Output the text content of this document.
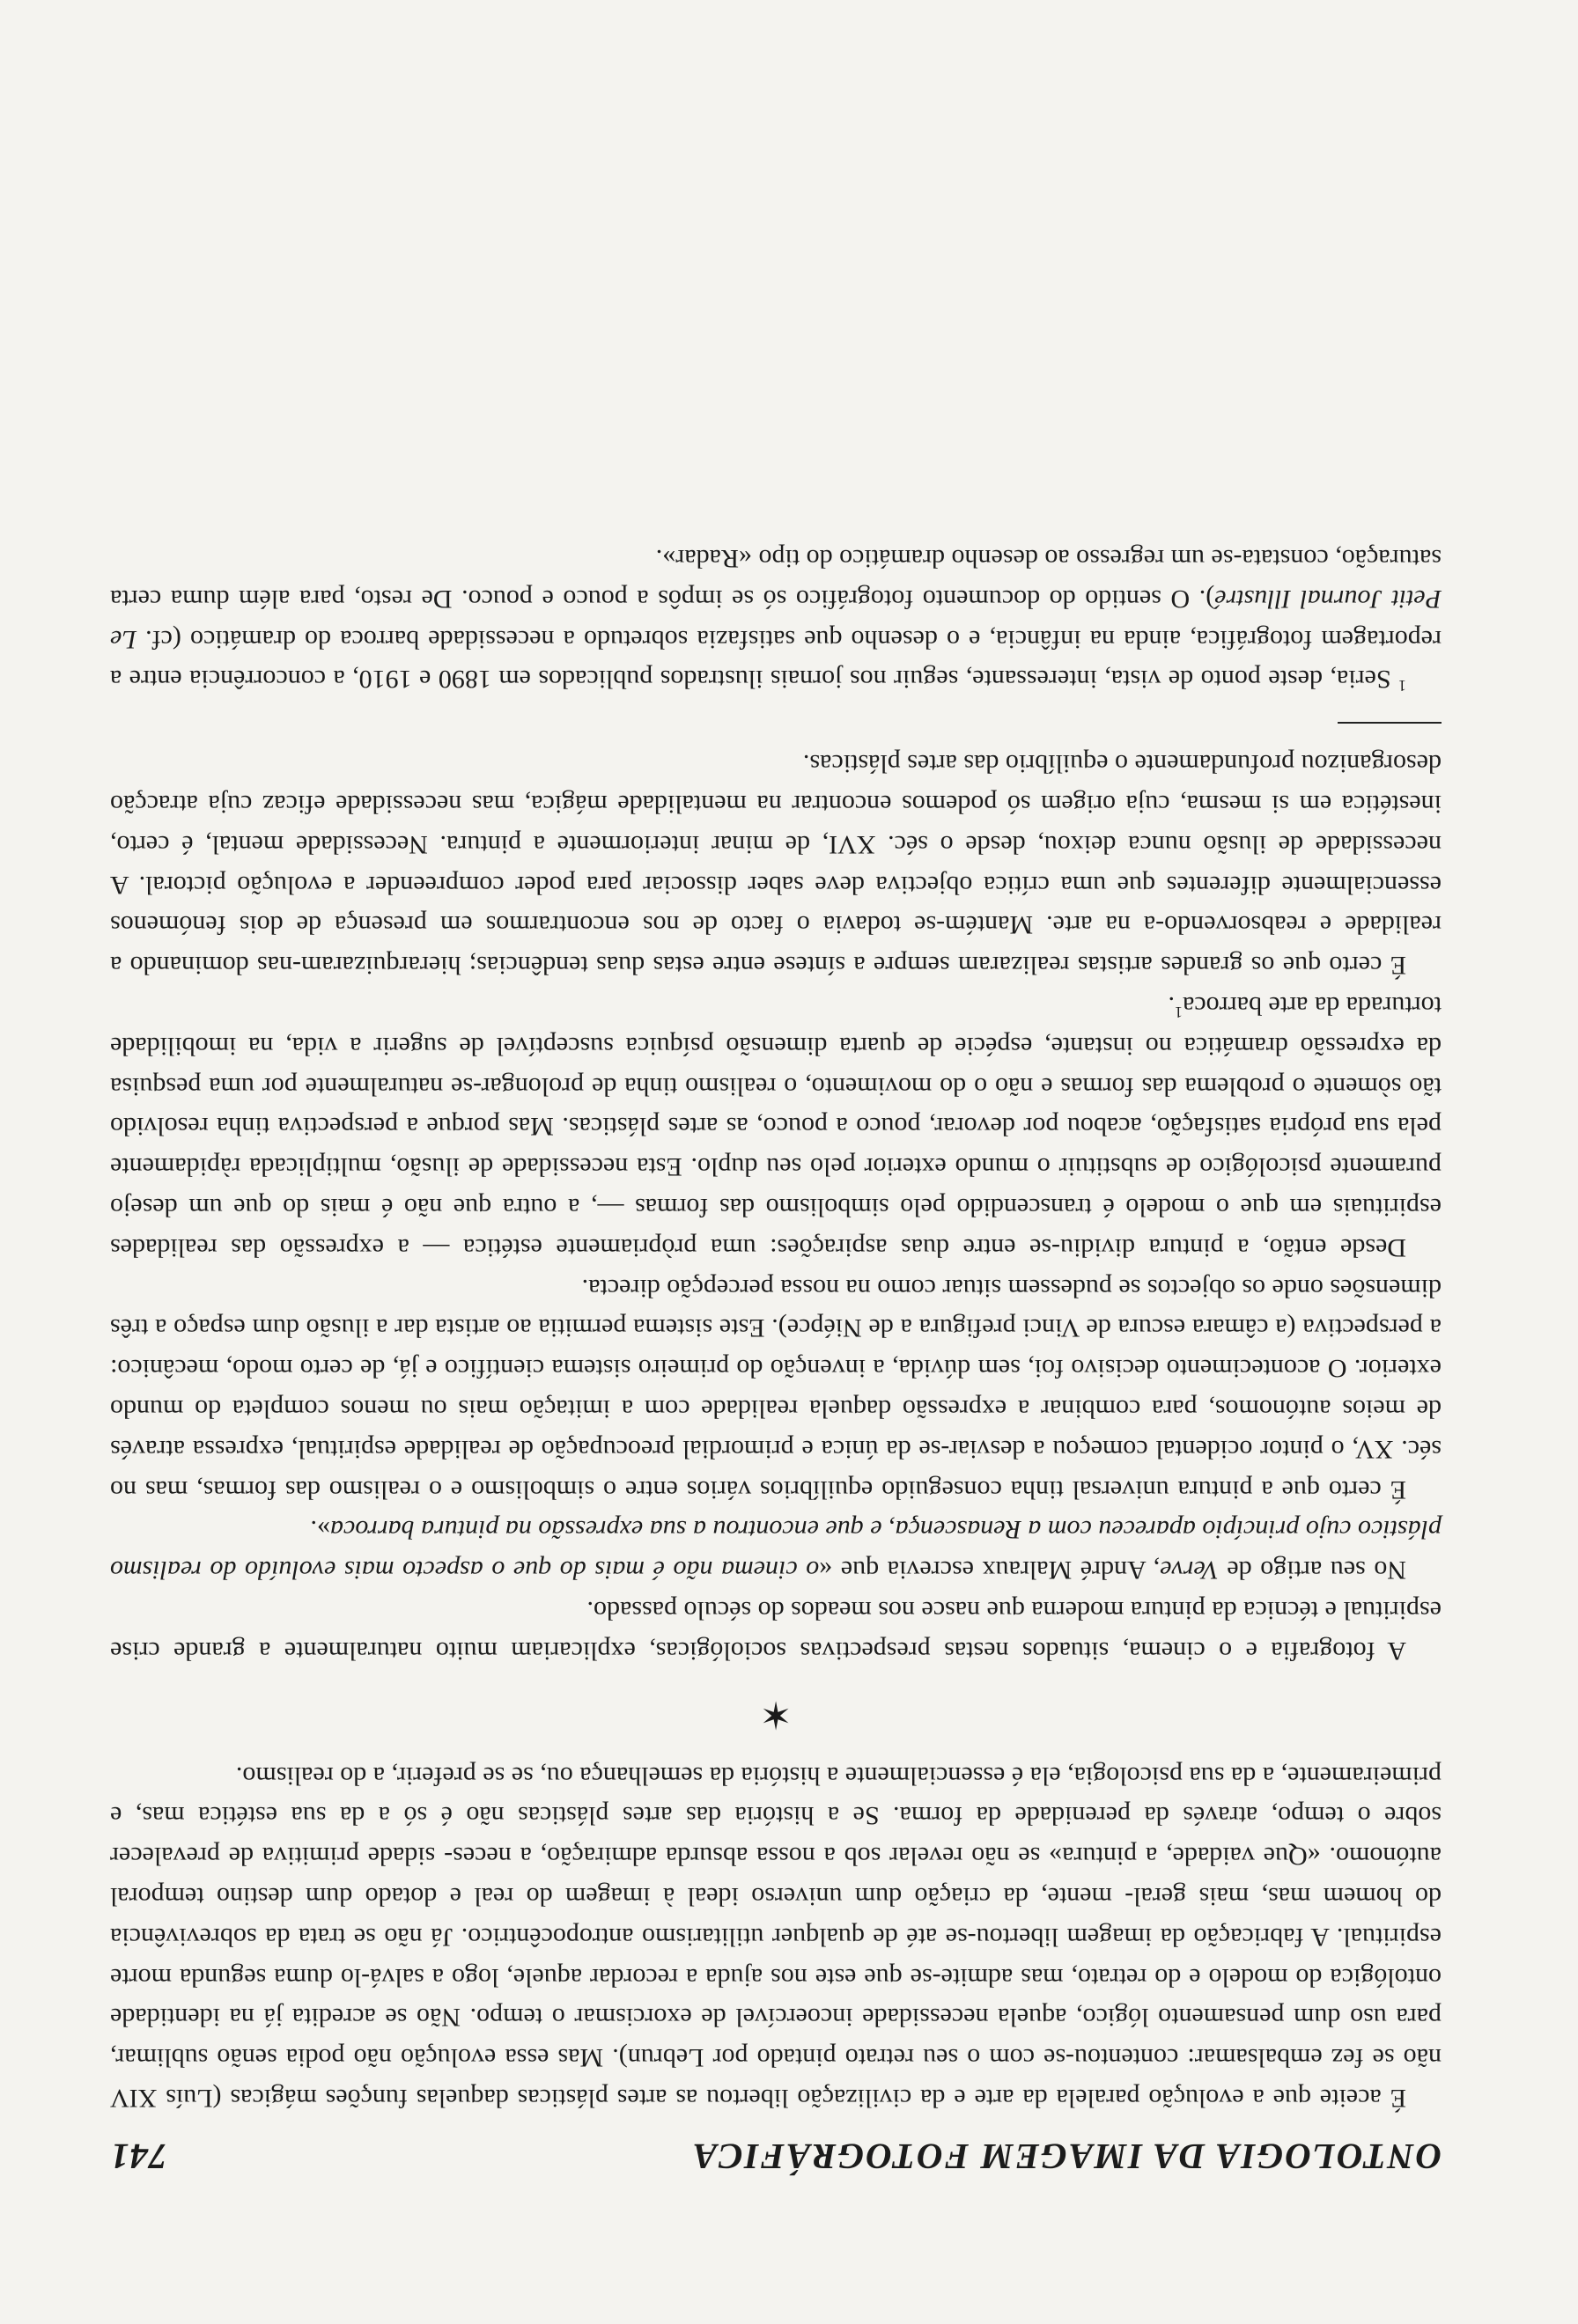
ONTOLOGIA DA IMAGEM FOTOGRÁFICA
741

É aceite que a evolução paralela da arte e da civilização libertou as artes plásticas daquelas funções mágicas (Luís XIV não se fez embalsamar: contentou-se com o seu retrato pintado por Lebrun). Mas essa evolução não podia senão sublimar, para uso dum pensamento lógico, aquela necessidade incoercível de exorcismar o tempo. Não se acredita já na identidade ontológica do modelo e do retrato, mas admite-se que este nos ajuda a recordar aquele, logo a salvá-lo duma segunda morte espiritual. A fabricação da imagem libertou-se até de qualquer utilitarismo antropocêntrico. Já não se trata da sobrevivência do homem mas, mais geral- mente, da criação dum universo ideal à imagem do real e dotado dum destino temporal autónomo. «Que vaidade, a pintura» se não revelar sob a nossa absurda admiração, a neces- sidade primitiva de prevalecer sobre o tempo, através da perenidade da forma. Se a história das artes plásticas não é só a da sua estética mas, e primeiramente, a da sua psicologia, ela é essencialmente a história da semelhança ou, se se preferir, a do realismo.

✶

A fotografia e o cinema, situados nestas prespectivas sociológicas, explicariam muito naturalmente a grande crise espiritual e técnica da pintura moderna que nasce nos meados do século passado.

No seu artigo de Verve, André Malraux escrevia que «o cinema não é mais do que o aspecto mais evoluído do realismo plástico cujo princípio apareceu com a Renascença, e que encontrou a sua expressão na pintura barroca».

É certo que a pintura universal tinha conseguido equilíbrios vários entre o simbolismo e o realismo das formas, mas no séc. XV, o pintor ocidental começou a desviar-se da única e primordial preocupação de realidade espiritual, expressa através de meios autónomos, para combinar a expressão daquela realidade com a imitação mais ou menos completa do mundo exterior. O acontecimento decisivo foi, sem dúvida, a invenção do primeiro sistema científico e já, de certo modo, mecânico: a perspectiva (a câmara escura de Vinci prefigura a de Niépce). Este sistema permitia ao artista dar a ilusão dum espaço a três dimensões onde os objectos se pudessem situar como na nossa percepção directa.

Desde então, a pintura dividiu-se entre duas aspirações: uma pròpriamente estética — a expressão das realidades espirituais em que o modelo é transcendido pelo simbolismo das formas —, a outra que não é mais do que um desejo puramente psicológico de substituir o mundo exterior pelo seu duplo. Esta necessidade de ilusão, multiplicada ràpidamente pela sua própria satisfação, acabou por devorar, pouco a pouco, as artes plásticas. Mas porque a perspectiva tinha resolvido tão sòmente o problema das formas e não o do movimento, o realismo tinha de prolongar-se naturalmente por uma pesquisa da expressão dramática no instante, espécie de quarta dimensão psíquica susceptível de sugerir a vida, na imobilidade torturada da arte barroca$^1$.

É certo que os grandes artistas realizaram sempre a síntese entre estas duas tendências; hierarquizaram-nas dominando a realidade e reabsorvendo-a na arte. Mantém-se todavia o facto de nos encontrarmos em presença de dois fenómenos essencialmente diferentes que uma crítica objectiva deve saber dissociar para poder compreender a evolução pictoral. A necessidade de ilusão nunca deixou, desde o séc. XVI, de minar interiormente a pintura. Necessidade mental, é certo, inestética em si mesma, cuja origem só podemos encontrar na mentalidade mágica, mas necessidade eficaz cuja atracção desorganizou profundamente o equilíbrio das artes plásticas.

$^1$ Seria, deste ponto de vista, interessante, seguir nos jornais ilustrados publicados em 1890 e 1910, a concorrência entre a reportagem fotográfica, ainda na infância, e o desenho que satisfazia sobretudo a necessidade barroca do dramático (cf. Le Petit Journal Illustré). O sentido do documento fotográfico só se impôs a pouco e pouco. De resto, para além duma certa saturação, constata-se um regresso ao desenho dramático do tipo «Radar».
